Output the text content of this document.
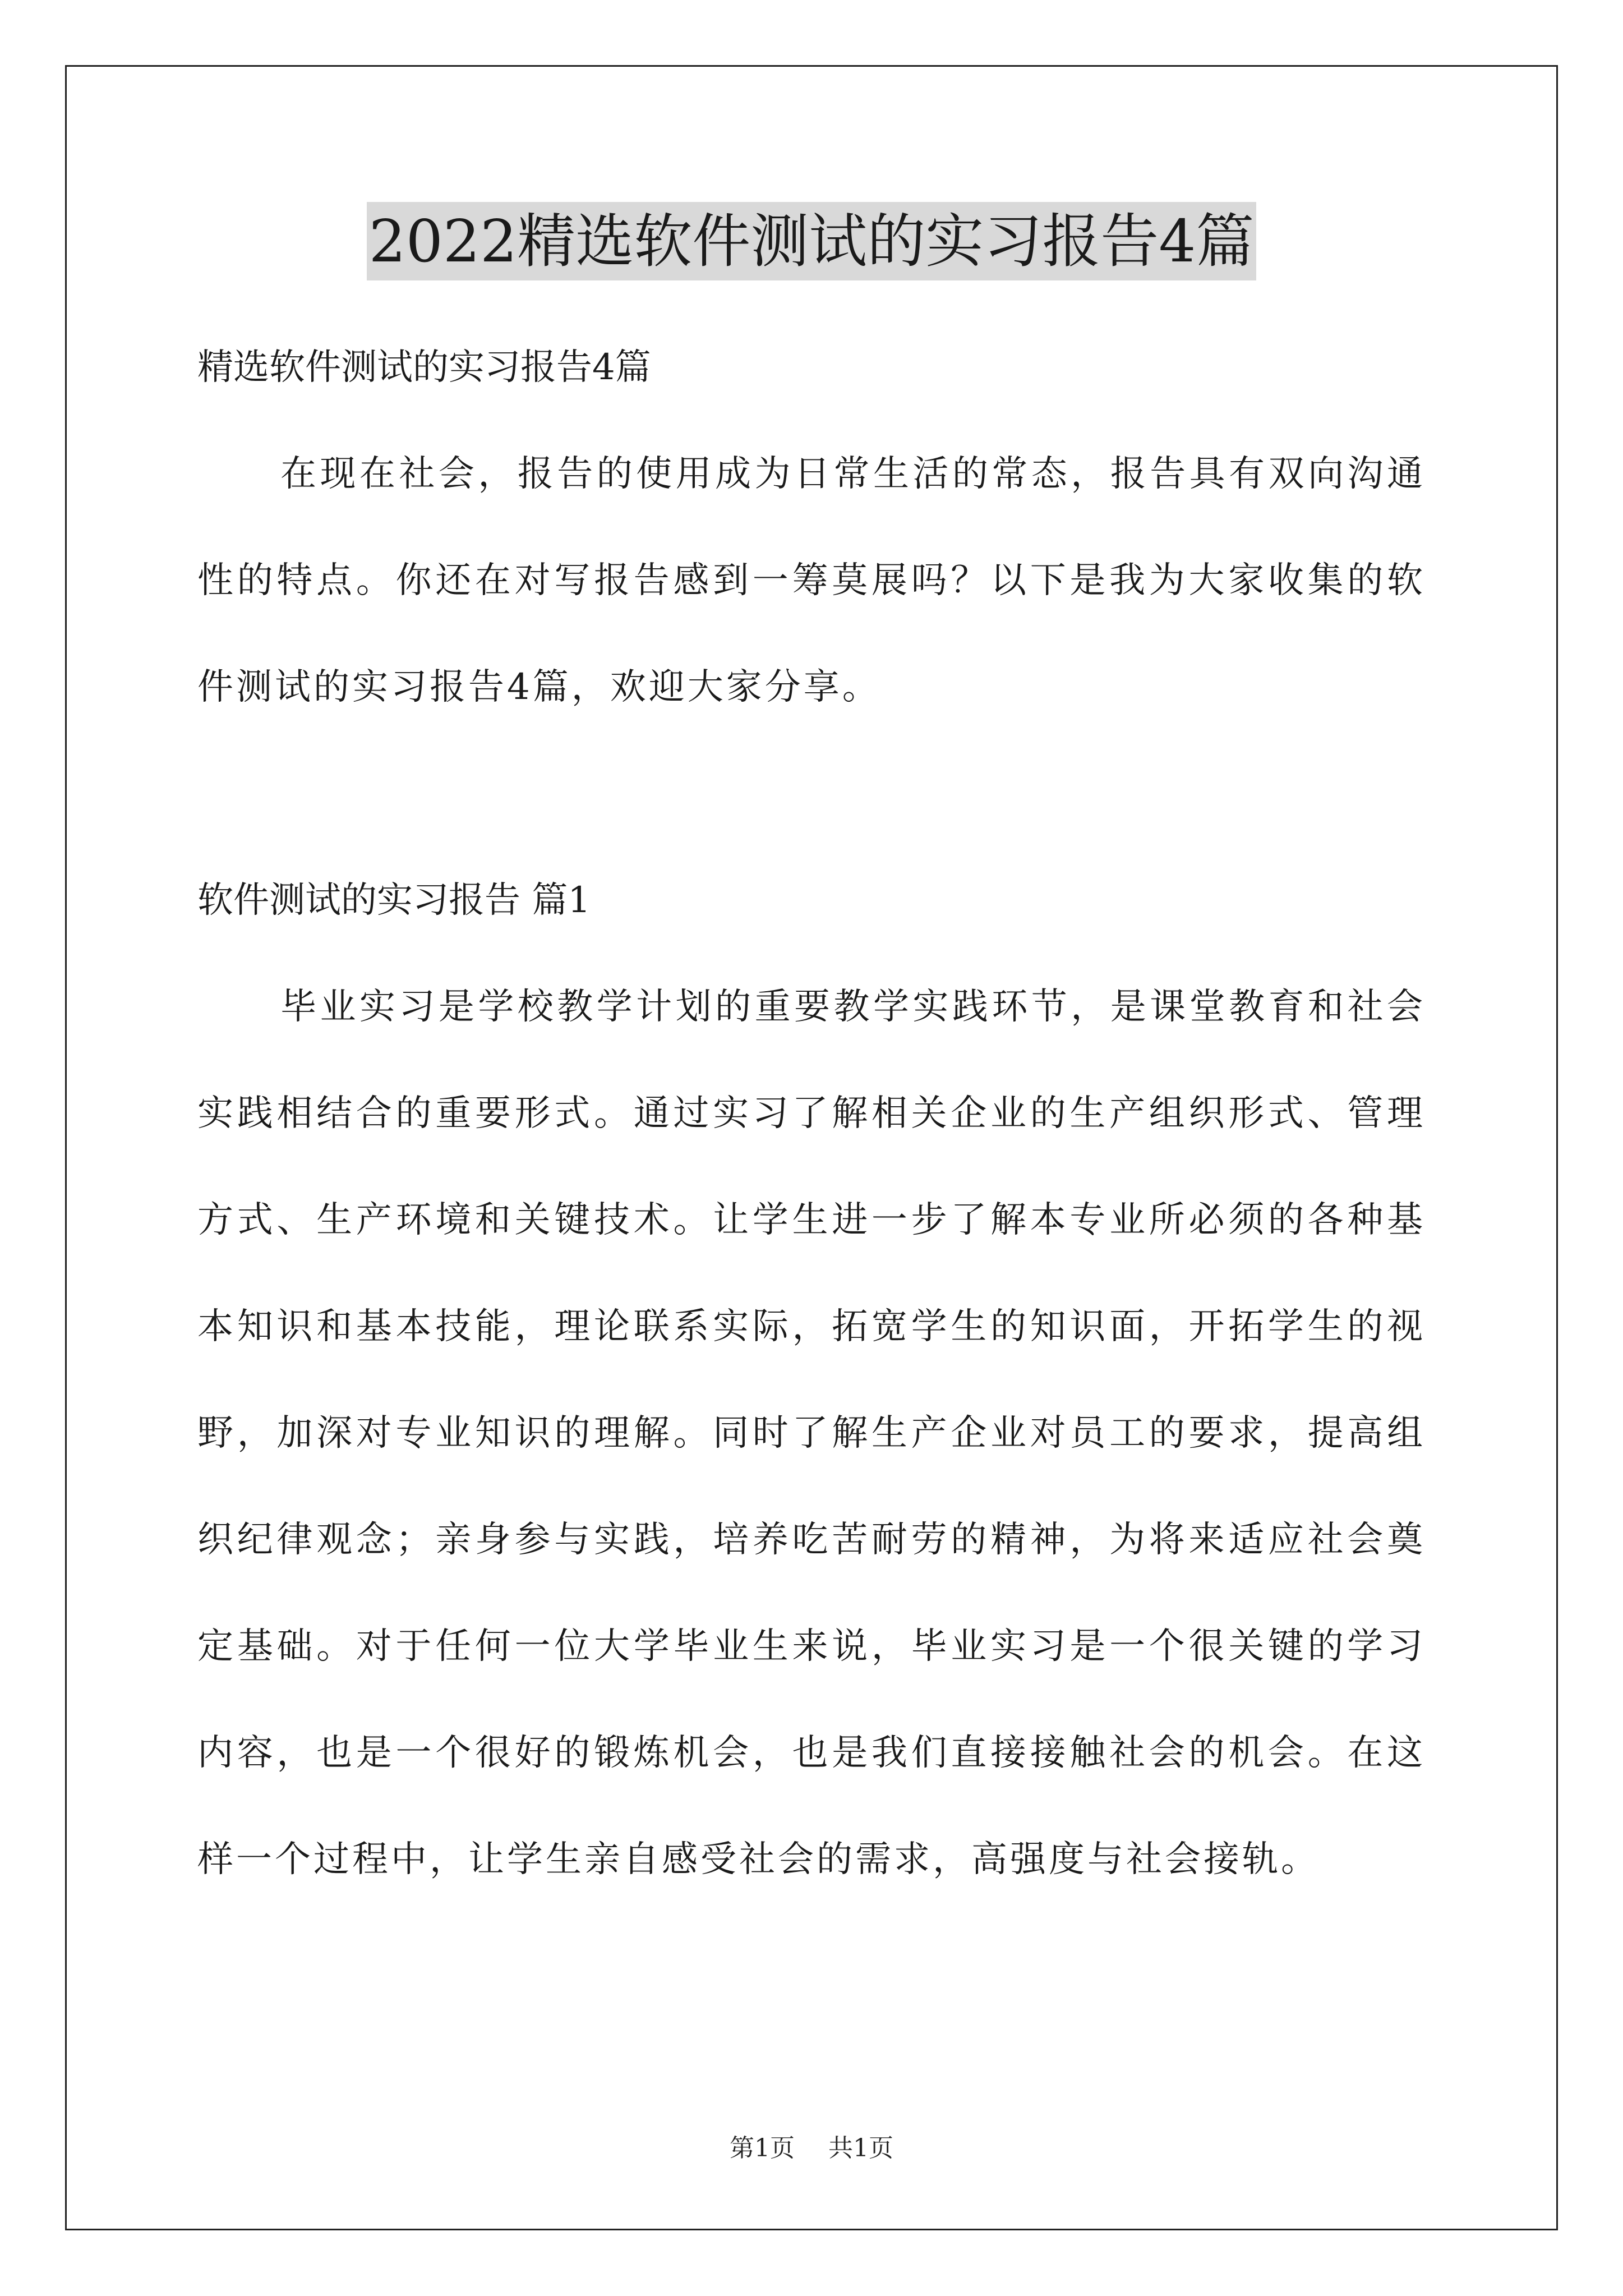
2022精选软件测试的实习报告4篇
精选软件测试的实习报告4篇
在现在社会，报告的使用成为日常生活的常态，报告具有双向沟通性的特点。你还在对写报告感到一筹莫展吗？以下是我为大家收集的软件测试的实习报告4篇，欢迎大家分享。
软件测试的实习报告 篇1
毕业实习是学校教学计划的重要教学实践环节，是课堂教育和社会实践相结合的重要形式。通过实习了解相关企业的生产组织形式、管理方式、生产环境和关键技术。让学生进一步了解本专业所必须的各种基本知识和基本技能，理论联系实际，拓宽学生的知识面，开拓学生的视野，加深对专业知识的理解。同时了解生产企业对员工的要求，提高组织纪律观念；亲身参与实践，培养吃苦耐劳的精神，为将来适应社会奠定基础。对于任何一位大学毕业生来说，毕业实习是一个很关键的学习内容，也是一个很好的锻炼机会，也是我们直接接触社会的机会。在这样一个过程中，让学生亲自感受社会的需求，高强度与社会接轨。
第1页 共1页
